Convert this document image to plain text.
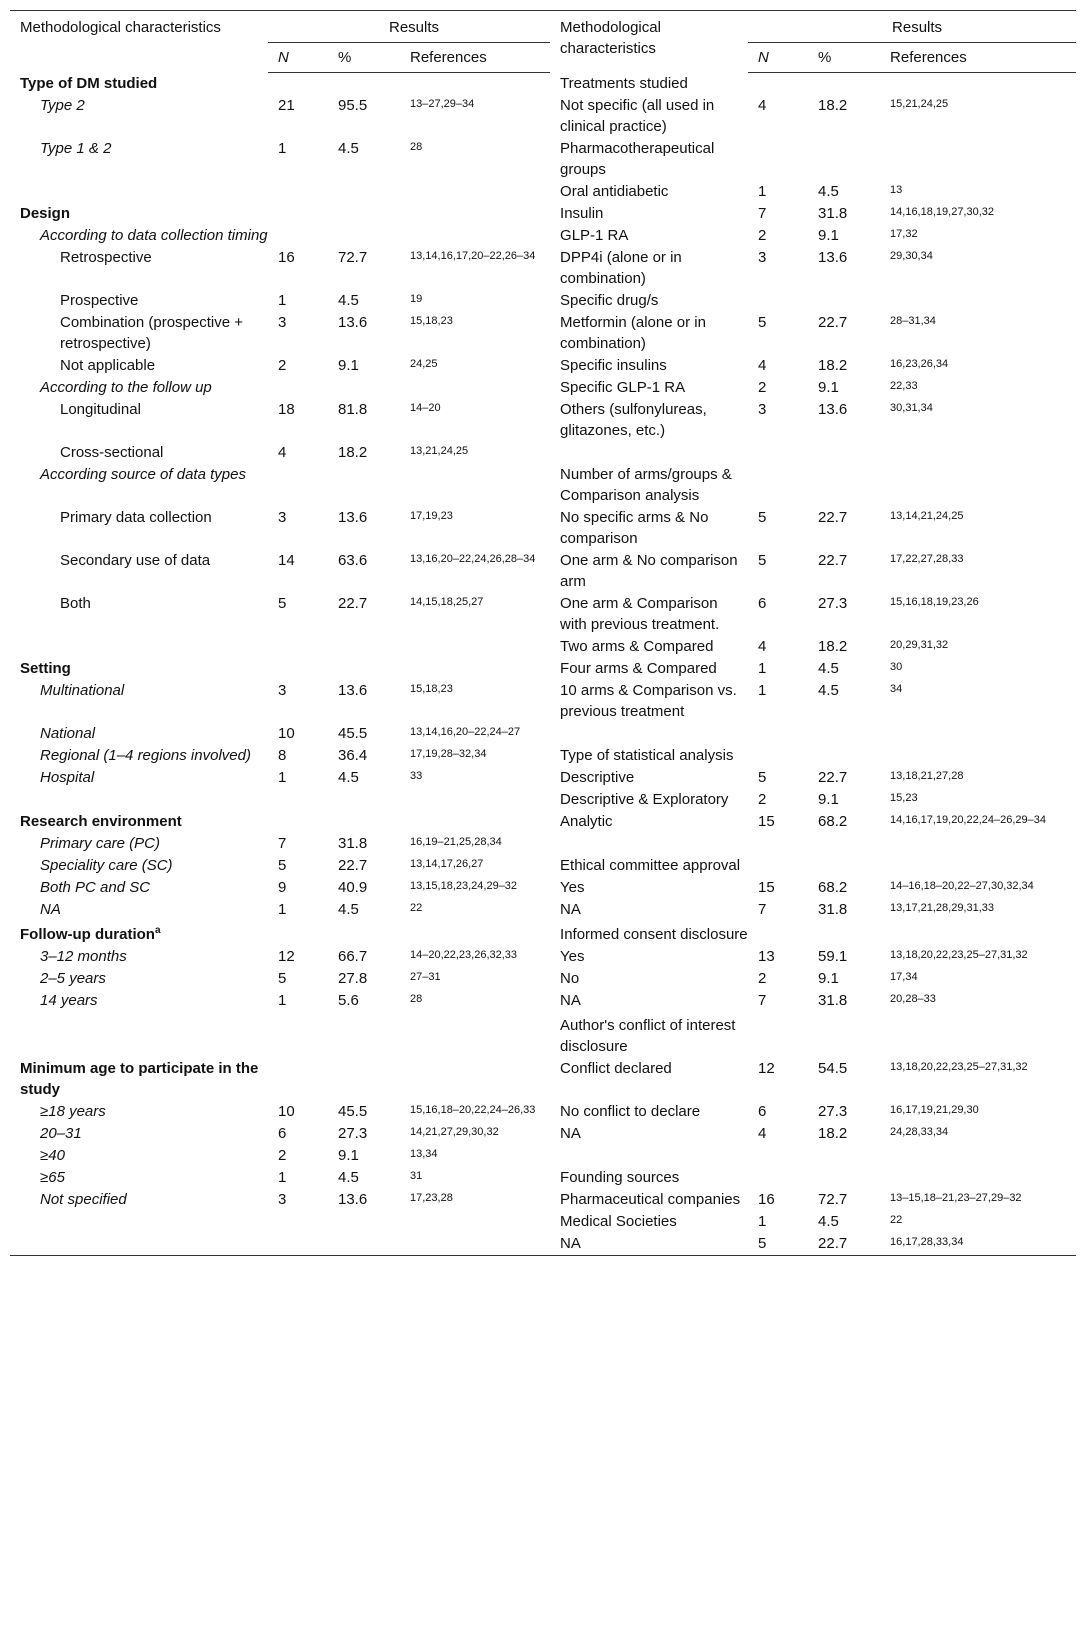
Methodological characteristics	Results			Methodological characteristics	Results		
	N	%	References		N	%	References
Type of DM studied				Treatments studied			
Type 2	21	95.5	13–27,29–34	Not specific (all used in clinical practice)	4	18.2	15,21,24,25
Type 1 & 2	1	4.5	28	Pharmacotherapeutical groups			
				Oral antidiabetic	1	4.5	13
Design				Insulin	7	31.8	14,16,18,19,27,30,32
According to data collection timing				GLP-1 RA	2	9.1	17,32
Retrospective	16	72.7	13,14,16,17,20–22,26–34	DPP4i (alone or in combination)	3	13.6	29,30,34
Prospective	1	4.5	19	Specific drug/s			
Combination (prospective + retrospective)	3	13.6	15,18,23	Metformin (alone or in combination)	5	22.7	28–31,34
Not applicable	2	9.1	24,25	Specific insulins	4	18.2	16,23,26,34
According to the follow up				Specific GLP-1 RA	2	9.1	22,33
Longitudinal	18	81.8	14–20	Others (sulfonylureas, glitazones, etc.)	3	13.6	30,31,34
Cross-sectional	4	18.2	13,21,24,25				
According source of data types				Number of arms/groups & Comparison analysis			
Primary data collection	3	13.6	17,19,23	No specific arms & No comparison	5	22.7	13,14,21,24,25
Secondary use of data	14	63.6	13,16,20–22,24,26,28–34	One arm & No comparison arm	5	22.7	17,22,27,28,33
Both	5	22.7	14,15,18,25,27	One arm & Comparison with previous treatment.	6	27.3	15,16,18,19,23,26
				Two arms & Compared	4	18.2	20,29,31,32
Setting				Four arms & Compared	1	4.5	30
Multinational	3	13.6	15,18,23	10 arms & Comparison vs. previous treatment	1	4.5	34
National	10	45.5	13,14,16,20–22,24–27				
Regional (1–4 regions involved)	8	36.4	17,19,28–32,34	Type of statistical analysis			
Hospital	1	4.5	33	Descriptive	5	22.7	13,18,21,27,28
				Descriptive & Exploratory	2	9.1	15,23
Research environment				Analytic	15	68.2	14,16,17,19,20,22,24–26,29–34
Primary care (PC)	7	31.8	16,19–21,25,28,34				
Speciality care (SC)	5	22.7	13,14,17,26,27	Ethical committee approval			
Both PC and SC	9	40.9	13,15,18,23,24,29–32	Yes	15	68.2	14–16,18–20,22–27,30,32,34
NA	1	4.5	22	NA	7	31.8	13,17,21,28,29,31,33

Follow-up duration$^a$				Informed consent disclosure			
3–12 months	12	66.7	14–20,22,23,26,32,33	Yes	13	59.1	13,18,20,22,23,25–27,31,32
2–5 years	5	27.8	27–31	No	2	9.1	17,34
14 years	1	5.6	28	NA	7	31.8	20,28–33

				Author's conflict of interest disclosure			
Minimum age to participate in the study				Conflict declared	12	54.5	13,18,20,22,23,25–27,31,32
≥18 years	10	45.5	15,16,18–20,22,24–26,33	No conflict to declare	6	27.3	16,17,19,21,29,30
20–31	6	27.3	14,21,27,29,30,32	NA	4	18.2	24,28,33,34
≥40	2	9.1	13,34				
≥65	1	4.5	31	Founding sources			
Not specified	3	13.6	17,23,28	Pharmaceutical companies	16	72.7	13–15,18–21,23–27,29–32
				Medical Societies	1	4.5	22
				NA	5	22.7	16,17,28,33,34
